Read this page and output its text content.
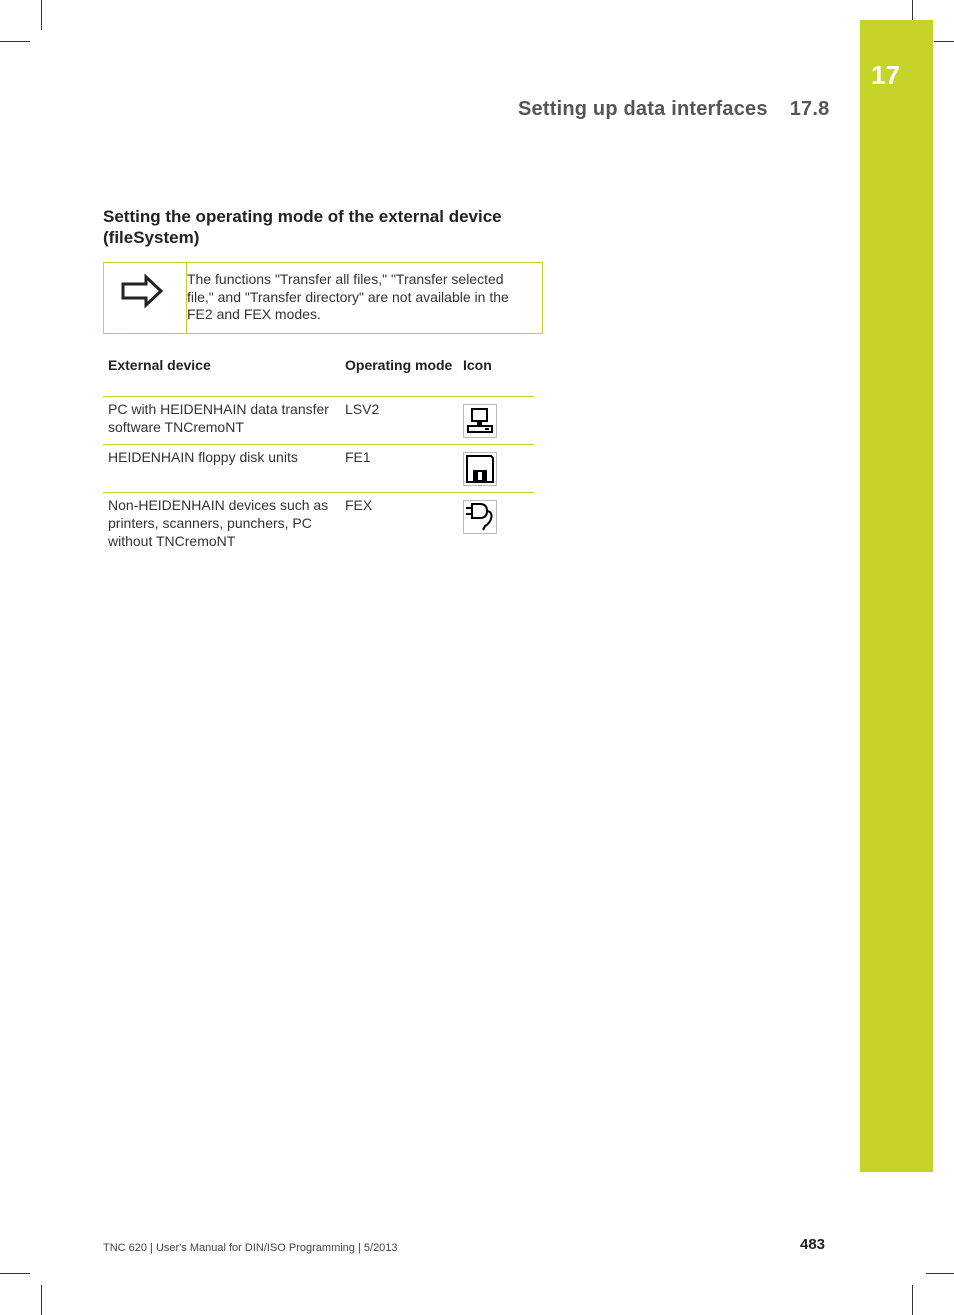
17
Setting up data interfaces 17.8
Setting the operating mode of the external device (fileSystem)
The functions "Transfer all files," "Transfer selected file," and "Transfer directory" are not available in the FE2 and FEX modes.
External device	Operating mode	Icon
PC with HEIDENHAIN data transfer software TNCremoNT	LSV2	

HEIDENHAIN floppy disk units	FE1	

Non-HEIDENHAIN devices such as printers, scanners, punchers, PC without TNCremoNT	FEX	
TNC 620 | User's Manual for DIN/ISO Programming | 5/2013	483
